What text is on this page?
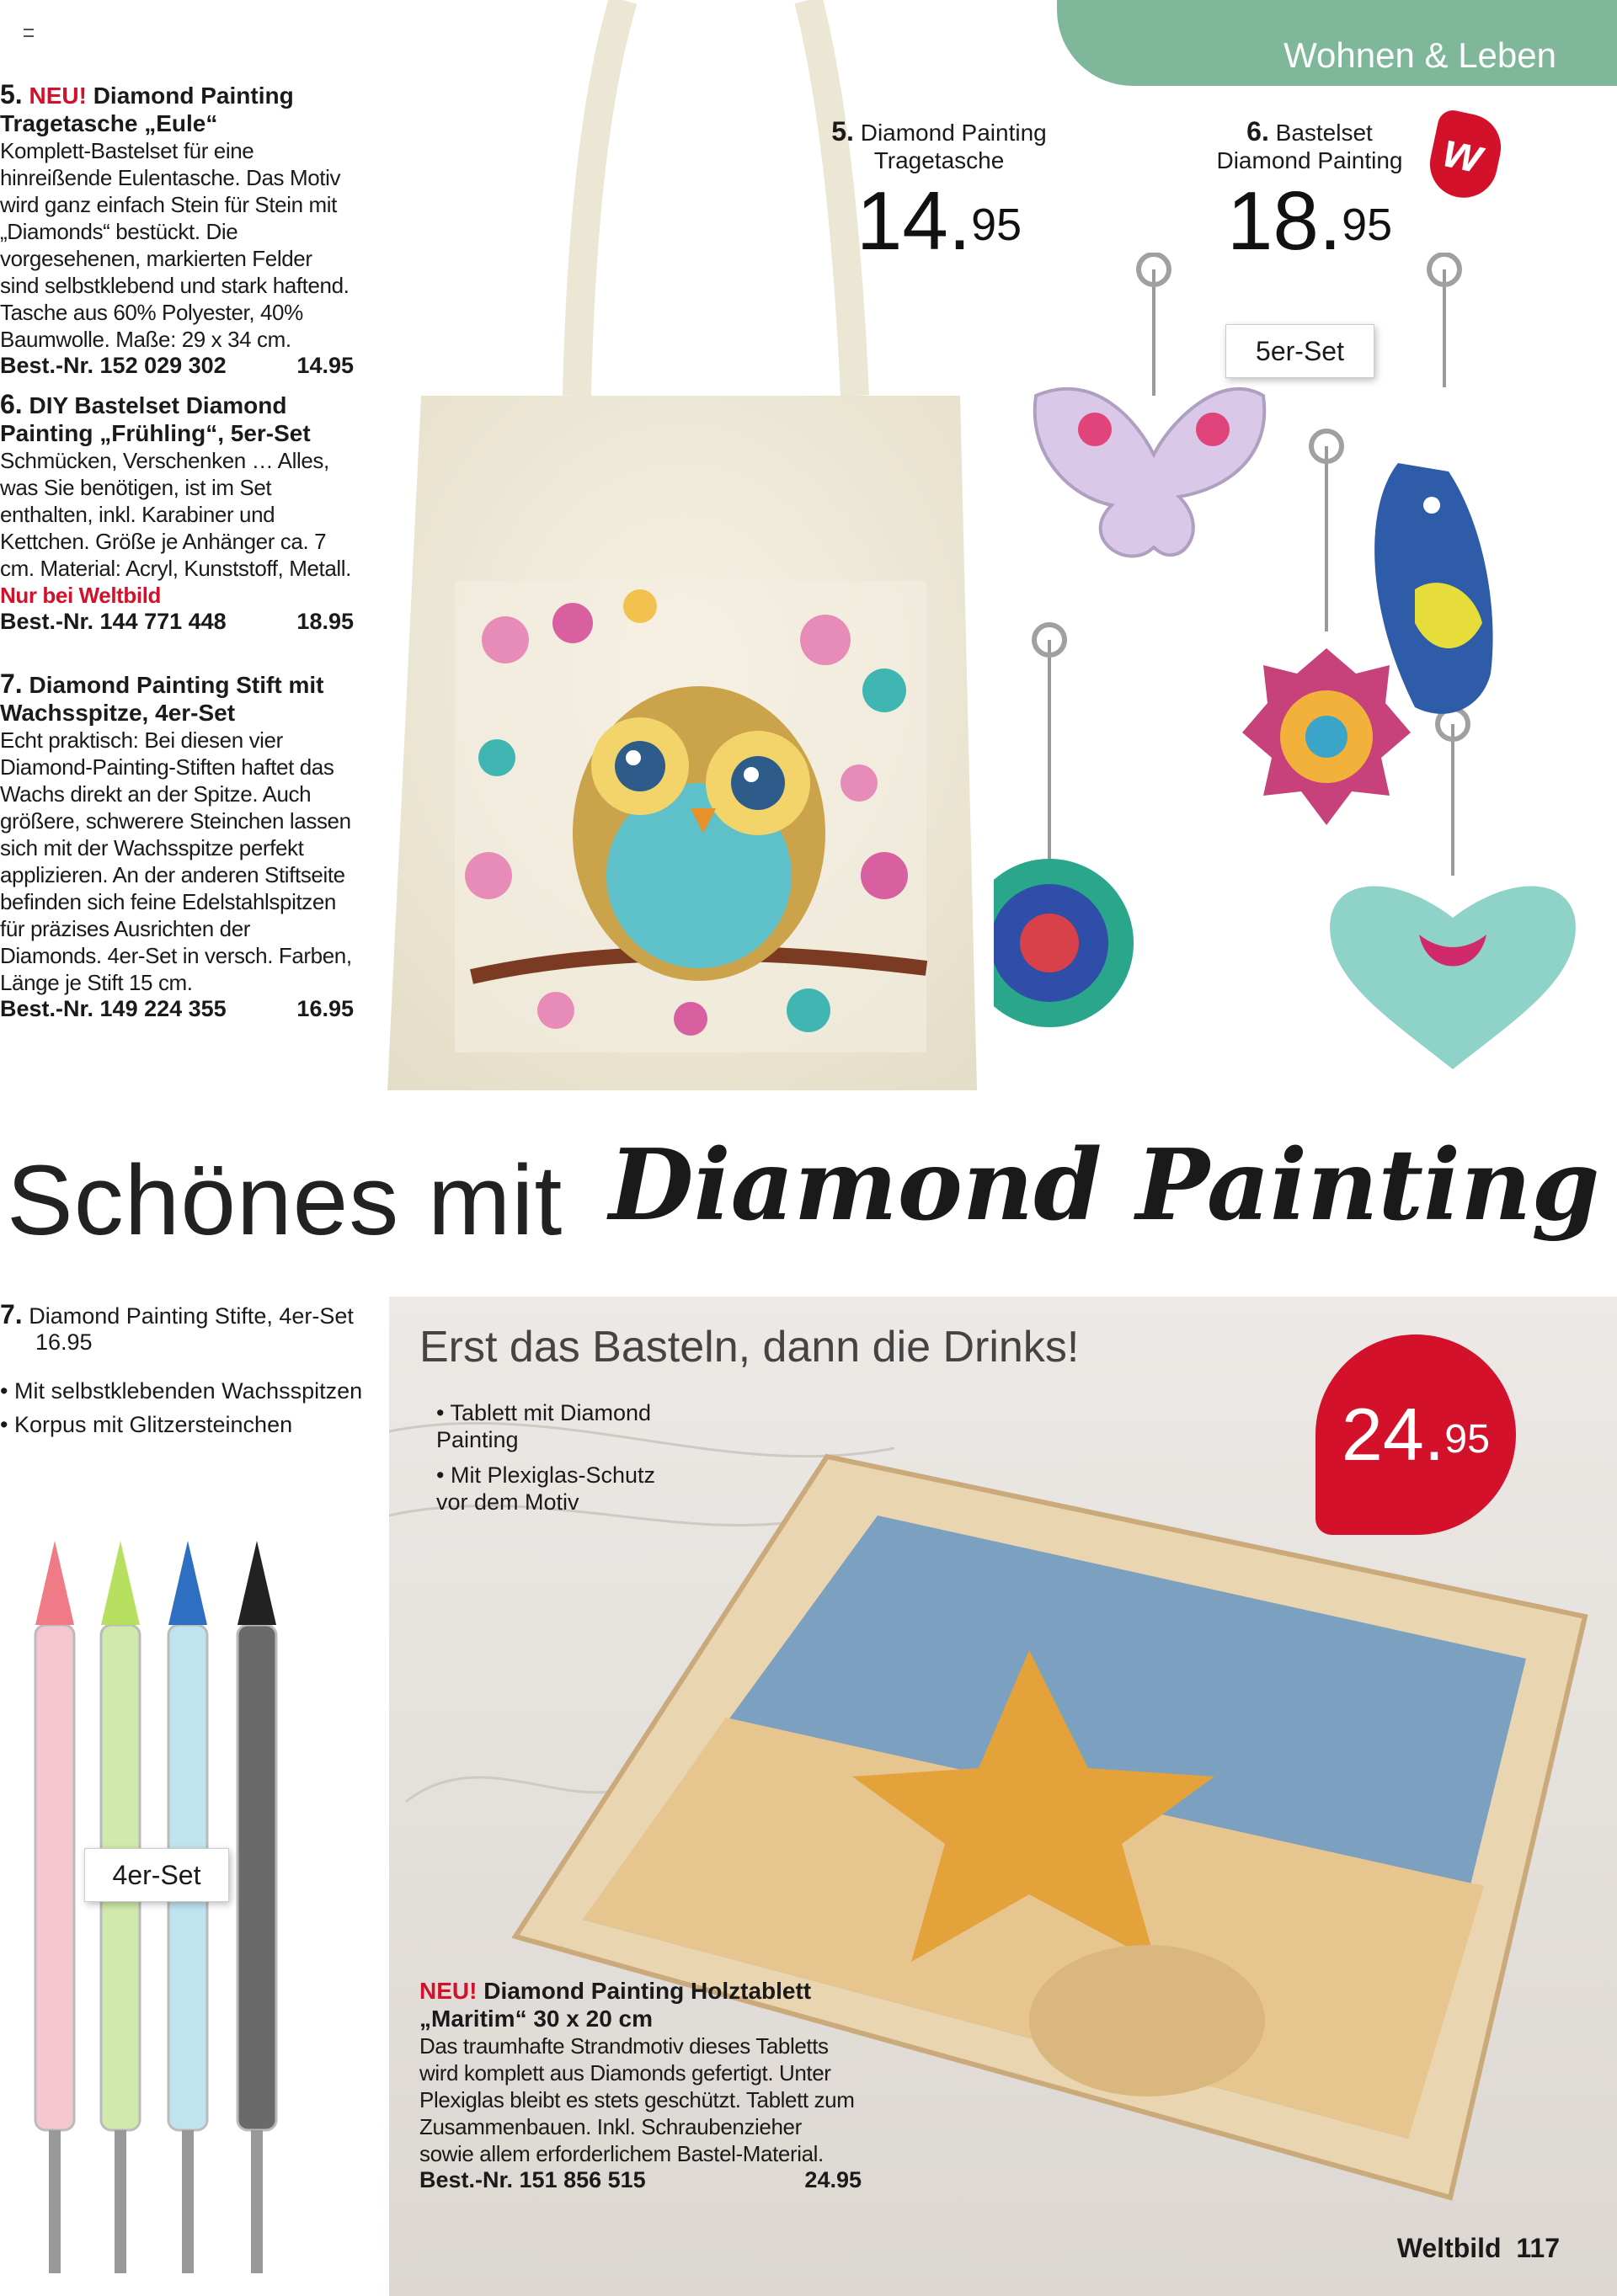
Wohnen & Leben
5. NEU! Diamond Painting Tragetasche „Eule“
Komplett-Bastelset für eine hinreißende Eulentasche. Das Motiv wird ganz einfach Stein für Stein mit „Diamonds“ bestückt. Die vorgesehenen, markierten Felder sind selbstklebend und stark haftend. Tasche aus 60% Polyester, 40% Baumwolle. Maße: 29 x 34 cm.
Best.-Nr. 152 029 302	14.95
6. DIY Bastelset Diamond Painting „Frühling“, 5er-Set
Schmücken, Verschenken … Alles, was Sie benötigen, ist im Set enthalten, inkl. Karabiner und Kettchen. Größe je Anhänger ca. 7 cm. Material: Acryl, Kunststoff, Metall.
Nur bei Weltbild
Best.-Nr. 144 771 448	18.95
7. Diamond Painting Stift mit Wachsspitze, 4er-Set
Echt praktisch: Bei diesen vier Diamond-Painting-Stiften haftet das Wachs direkt an der Spitze. Auch größere, schwerere Steinchen lassen sich mit der Wachsspitze perfekt applizieren. An der anderen Stiftseite befinden sich feine Edelstahlspitzen für präzises Ausrichten der Diamonds. 4er-Set in versch. Farben, Länge je Stift 15 cm.
Best.-Nr. 149 224 355	16.95
5. Diamond Painting Tragetasche
14.95
6. Bastelset Diamond Painting
18.95
5er-Set
w
Schönes mit Diamond Painting
7. Diamond Painting Stifte, 4er-Set
16.95
• Mit selbstklebenden Wachsspitzen
• Korpus mit Glitzersteinchen
4er-Set
Erst das Basteln, dann die Drinks!
• Tablett mit Diamond Painting
• Mit Plexiglas-Schutz vor dem Motiv
24.95
NEU! Diamond Painting Holztablett „Maritim“ 30 x 20 cm
Das traumhafte Strandmotiv dieses Tabletts wird komplett aus Diamonds gefertigt. Unter Plexiglas bleibt es stets geschützt. Tablett zum Zusammenbauen. Inkl. Schraubenzieher sowie allem erforderlichem Bastel-Material.
Best.-Nr. 151 856 515	24.95
Weltbild 117
